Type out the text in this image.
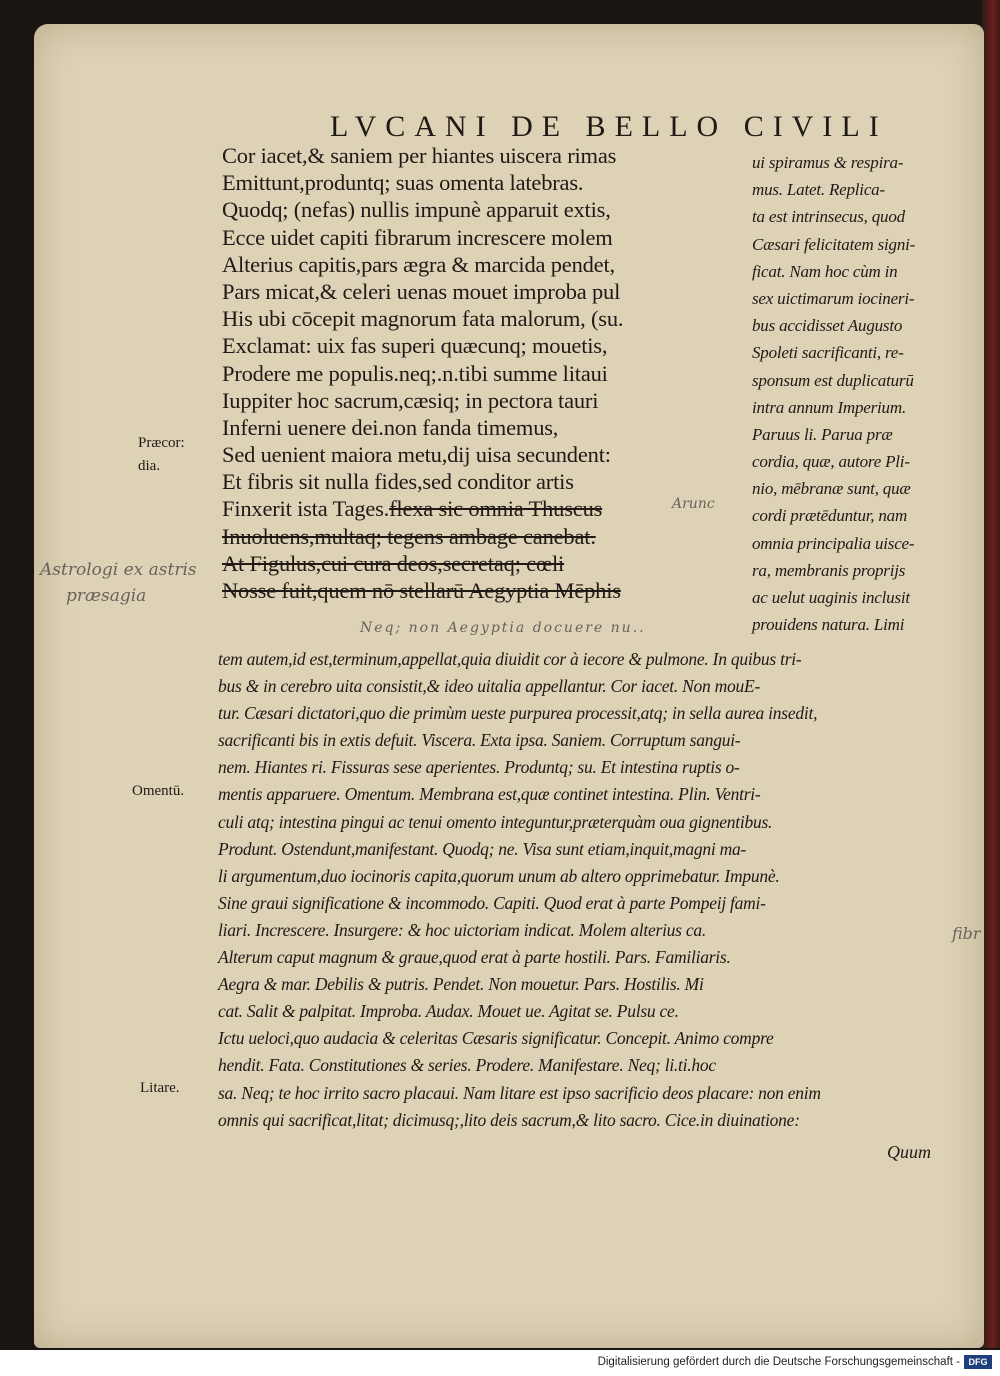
LVCANI DE BELLO CIVILI
Cor iacet,& saniem per hiantes uiscera rimas
Emittunt,produntq; suas omenta latebras.
Quodq; (nefas) nullis impunè apparuit extis,
Ecce uidet capiti fibrarum increscere molem
Alterius capitis,pars ægra & marcida pendet,
Pars micat,& celeri uenas mouet improba pul
His ubi cōcepit magnorum fata malorum, (su.
Exclamat: uix fas superi quæcunq; mouetis,
Prodere me populis.neq;.n.tibi summe litaui
Iuppiter hoc sacrum,cæsiq; in pectora tauri
Inferni uenere dei.non fanda timemus,
Sed uenient maiora metu,dij uisa secundent:
Et fibris sit nulla fides,sed conditor artis
Finxerit ista Tages.flexa sic omnia Thuscus
Inuoluens,multaq; tegens ambage canebat.
At Figulus,cui cura deos,secretaq; cœli
Nosse fuit,quem nō stellarū Aegyptia Mēphis
ui spiramus & respira-
mus. Latet. Replica-
ta est intrinsecus, quod
Cæsari felicitatem signi-
ficat. Nam hoc cùm in
sex uictimarum iocineri-
bus accidisset Augusto
Spoleti sacrificanti, re-
sponsum est duplicaturū
intra annum Imperium.
Paruus li. Parua præ
cordia, quæ, autore Pli-
nio, mēbranæ sunt, quæ
cordi prætēduntur, nam
omnia principalia uisce-
ra, membranis proprijs
ac uelut uaginis inclusit
prouidens natura. Limi
tem autem,id est,terminum,appellat,quia diuidit cor à iecore & pulmone. In quibus tri-
bus & in cerebro uita consistit,& ideo uitalia appellantur. Cor iacet. Non mouE-
tur. Cæsari dictatori,quo die primùm ueste purpurea processit,atq; in sella aurea insedit,
sacrificanti bis in extis defuit. Viscera. Exta ipsa. Saniem. Corruptum sangui-
nem. Hiantes ri. Fissuras sese aperientes. Produntq; su. Et intestina ruptis o-
mentis apparuere. Omentum. Membrana est,quæ continet intestina. Plin. Ventri-
culi atq; intestina pingui ac tenui omento integuntur,præterquàm oua gignentibus.
Produnt. Ostendunt,manifestant. Quodq; ne. Visa sunt etiam,inquit,magni ma-
li argumentum,duo iocinoris capita,quorum unum ab altero opprimebatur. Impunè.
Sine graui significatione & incommodo. Capiti. Quod erat à parte Pompeij fami-
liari. Increscere. Insurgere: & hoc uictoriam indicat. Molem alterius ca.
Alterum caput magnum & graue,quod erat à parte hostili. Pars. Familiaris.
Aegra & mar. Debilis & putris. Pendet. Non mouetur. Pars. Hostilis. Mi
cat. Salit & palpitat. Improba. Audax. Mouet ue. Agitat se. Pulsu ce.
Ictu ueloci,quo audacia & celeritas Cæsaris significatur. Concepit. Animo compre
hendit. Fata. Constitutiones & series. Prodere. Manifestare. Neq; li.ti.hoc
sa. Neq; te hoc irrito sacro placaui. Nam litare est ipso sacrificio deos placare: non enim
omnis qui sacrificat,litat; dicimusq;,lito deis sacrum,& lito sacro. Cice.in diuinatione:
Quum
Præcor:
dia.
Omentū.
Litare.
Astrologi ex astris
præsagia
Arunc
Neq; non Aegyptia docuere nu..
fibr
Digitalisierung gefördert durch die Deutsche Forschungsgemeinschaft - DFG
